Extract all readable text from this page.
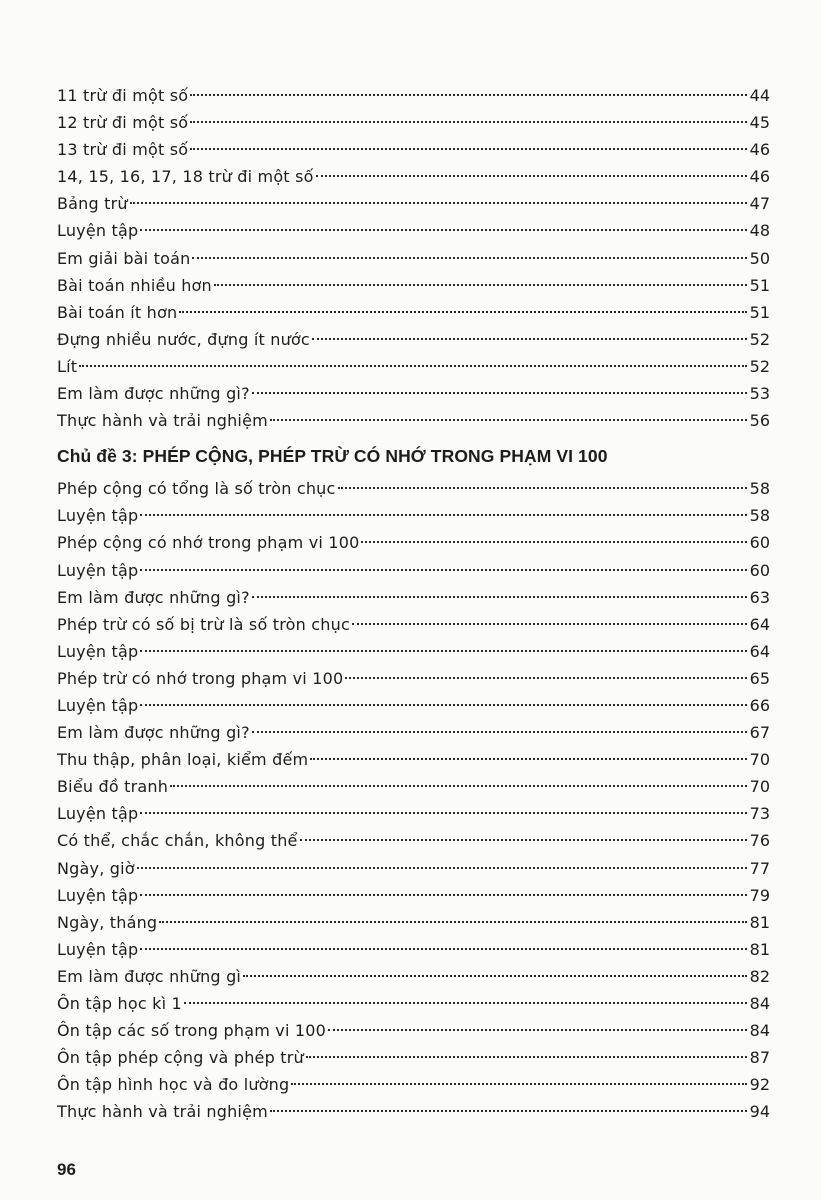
11 trừ đi một số	44
12 trừ đi một số	45
13 trừ đi một số	46
14, 15, 16, 17, 18 trừ đi một số	46
Bảng trừ	47
Luyện tập	48
Em giải bài toán	50
Bài toán nhiều hơn	51
Bài toán ít hơn	51
Đựng nhiều nước, đựng ít nước	52
Lít	52
Em làm được những gì?	53
Thực hành và trải nghiệm	56
Chủ đề 3: PHÉP CỘNG, PHÉP TRỪ CÓ NHỚ TRONG PHẠM VI 100
Phép cộng có tổng là số tròn chục	58
Luyện tập	58
Phép cộng có nhớ trong phạm vi 100	60
Luyện tập	60
Em làm được những gì?	63
Phép trừ có số bị trừ là số tròn chục	64
Luyện tập	64
Phép trừ có nhớ trong phạm vi 100	65
Luyện tập	66
Em làm được những gì?	67
Thu thập, phân loại, kiểm đếm	70
Biểu đồ tranh	70
Luyện tập	73
Có thể, chắc chắn, không thể	76
Ngày, giờ	77
Luyện tập	79
Ngày, tháng	81
Luyện tập	81
Em làm được những gì	82
Ôn tập học kì 1	84
Ôn tập các số trong phạm vi 100	84
Ôn tập phép cộng và phép trừ	87
Ôn tập hình học và đo lường	92
Thực hành và trải nghiệm	94
96
